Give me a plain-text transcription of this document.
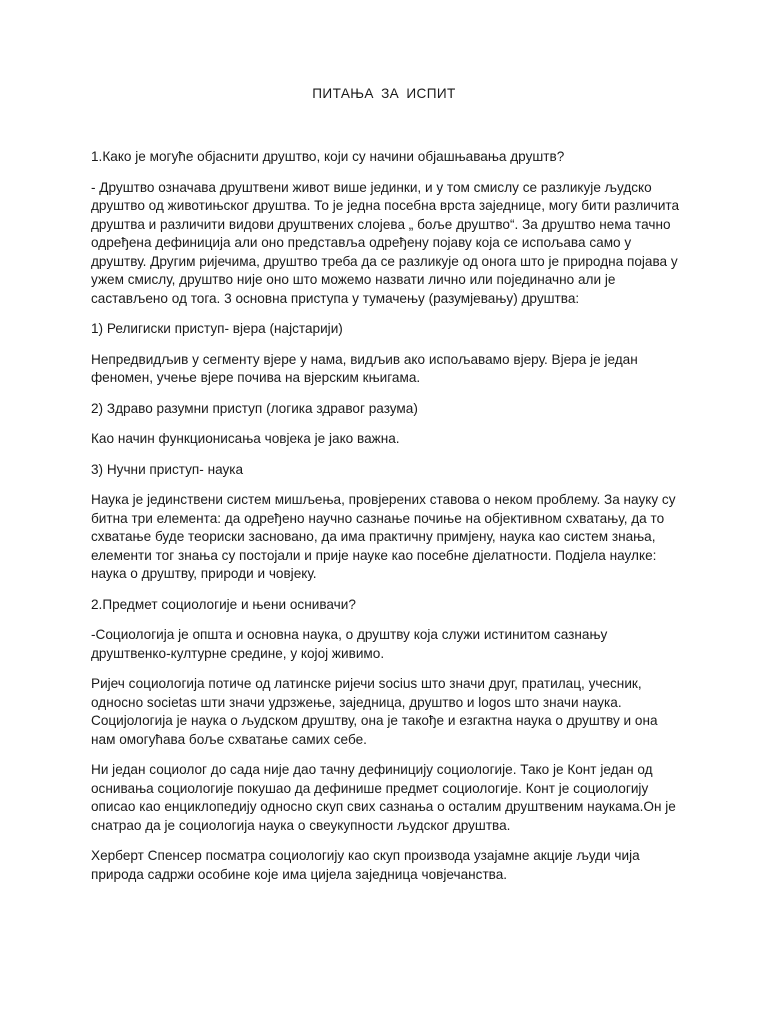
ПИТАЊА ЗА ИСПИТ

1.Како је могуће објаснити друштво, који су начини објашњавања друштв?

- Друштво означава друштвени живот више јединки, и у том смислу се разликује људско друштво од животињског друштва. То је једна посебна врста заједнице, могу бити различита друштва и различити видови друштвених слојева „ боље друштво“. За друштво нема тачно одређена дефиниција али оно представља одређену појаву која се испољава само у друштву. Другим ријечима, друштво треба да се разликује од онога што је природна појава у ужем смислу, друштво није оно што можемо назвати лично или појединачно али је састављено од тога. 3 основна приступа у тумачењу (разумјевању) друштва:

1) Религиски приступ- вјера (најстарији)

Непредвидљив у сегменту вјере у нама, видљив ако испољавамо вјеру. Вјера је један феномен, учење вјере почива на вјерским књигама.

2) Здраво разумни приступ (логика здравог разума)

Као начин функционисања човјека је јако важна.

3) Нучни приступ- наука

Наука је јединствени систем мишљења, провјерених ставова о неком проблему. За науку су битна три елемента: да одређено научно сазнање почиње на објективном схватању, да то схватање буде теориски засновано, да има практичну примјену, наука као систем знања, елементи тог знања су постојали и прије науке као посебне дјелатности. Подјела наулке: наука о друштву, природи и човјеку.

2.Предмет социологије и њени оснивачи?

-Социологија је општа и основна наука, о друштву која служи истинитом сазнању друштвенко-културне средине, у којој живимо.

Ријеч социологија потиче од латинске ријечи socius што значи друг, пратилац, учесник, односно societas шти значи удрзжење, заједница, друштво и logos што значи наука. Социјологија је наука о људском друштву, она је такође и езгактна наука о друштву и она нам омогућава боље схватање самих себе.

Ни један социолог до сада није дао тачну дефиницију социологије. Тако је Конт један од оснивања социологије покушао да дефинише предмет социологије. Конт је социологију описао као енциклопедију односно скуп свих сазнања о осталим друштвеним наукама.Он је снатрао да је социологија наука о свеукупности људског друштва.

Херберт Спенсер посматра социологију као скуп производа узајамне акције људи чија природа садржи особине које има цијела заједница човјечанства.
